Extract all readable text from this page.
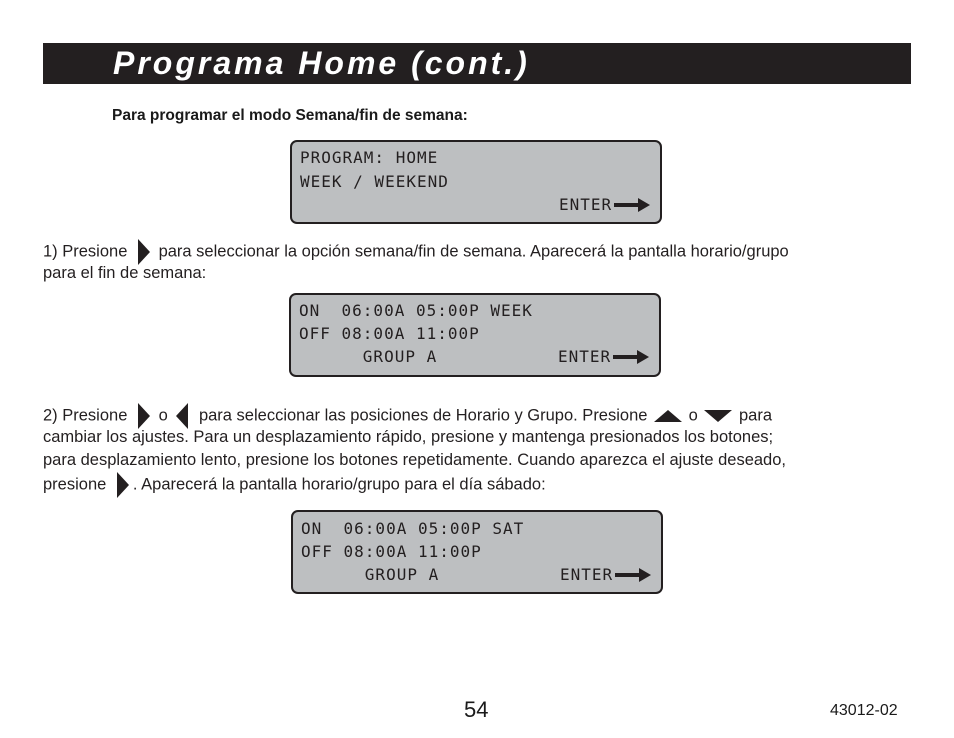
Programa Home (cont.)
Para programar el modo Semana/fin de semana:
PROGRAM: HOME
WEEK / WEEKEND
ENTER
1) Presione para seleccionar la opción semana/fin de semana. Aparecerá la pantalla horario/grupo
para el fin de semana:
ON  06:00A 05:00P WEEK
OFF 08:00A 11:00P
GROUP A	ENTER
2) Presione o para seleccionar las posiciones de Horario y Grupo. Presione o para
cambiar los ajustes. Para un desplazamiento rápido, presione y mantenga presionados los botones;
para desplazamiento lento, presione los botones repetidamente. Cuando aparezca el ajuste deseado,
presione . Aparecerá la pantalla horario/grupo para el día sábado:
ON  06:00A 05:00P SAT
OFF 08:00A 11:00P
GROUP A	ENTER
54	43012-02
